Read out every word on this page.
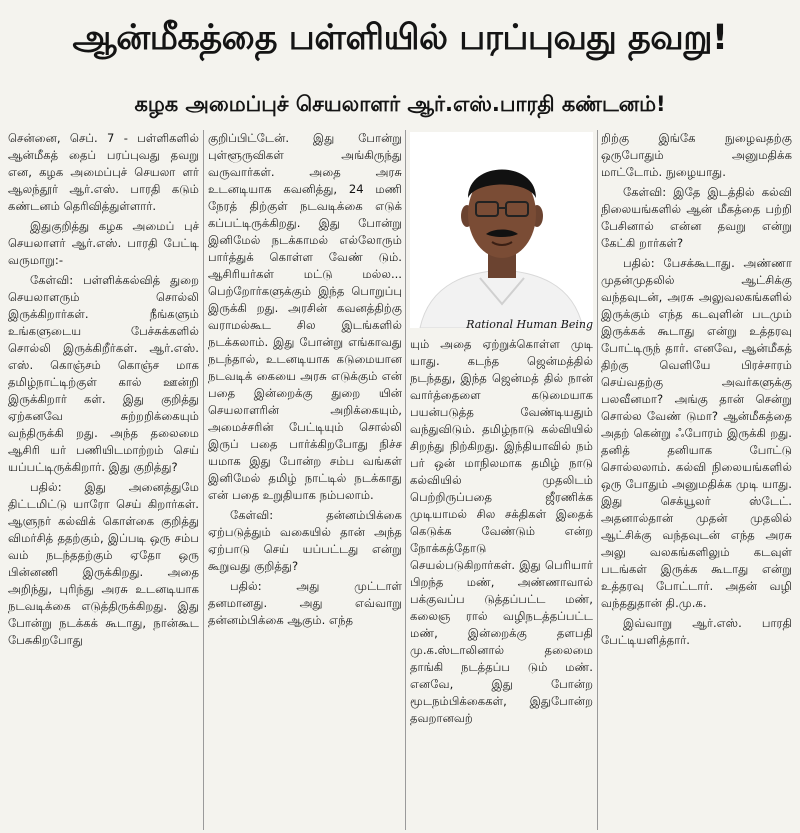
ஆன்மீகத்தை பள்ளியில் பரப்புவது தவறு!
கழக அமைப்புச் செயலாளர் ஆர்.எஸ்.பாரதி கண்டனம்!

சென்னை, செப். 7 - பள்ளிகளில் ஆன்மீகத் தைப் பரப்புவது தவறு என, கழக அமைப்புச் செயலா ளர் ஆலந்தூர் ஆர்.எஸ். பாரதி கடும் கண்டனம் தெரிவித்துள்ளார்.

இதுகுறித்து கழக அமைப் புச் செயலாளர் ஆர்.எஸ். பாரதி பேட்டி வருமாறு:-

கேள்வி: பள்ளிக்கல்வித் துறை செயலாளரும் சொல்லி இருக்கிறார்கள். நீங்களும் உங்களுடைய பேச்சுக்களில் சொல்லி இருக்கிறீர்கள். ஆர்.எஸ். எஸ். கொஞ்சம் கொஞ்ச மாக தமிழ்நாட்டிற்குள் கால் ஊன்றி இருக்கிறார் கள். இது குறித்து ஏற்கனவே சுற்றறிக்கையும் வந்திருக்கி றது. அந்த தலைமை ஆசிரி யர் பணியிடமாற்றம் செய் யப்பட்டிருக்கிறார். இது குறித்து?

பதில்: இது அனைத்துமே திட்டமிட்டு யாரோ செய் கிறார்கள். ஆளுநர் கல்விக் கொள்கை குறித்து விமர்சித் ததற்கும், இப்படி ஒரு சம்ப வம் நடந்ததற்கும் ஏதோ ஒரு பின்னணி இருக்கிறது. அதை அறிந்து, புரிந்து அரசு உடனடியாக நடவடிக்கை எடுத்திருக்கிறது. இது போன்று நடக்கக் கூடாது, நான்கூட பேசுகிறபோது

குறிப்பிட்டேன். இது போன்று புள்ளூருவிகள் அங்கிருந்து வருவார்கள். அதை அரசு உடனடியாக கவனித்து, 24 மணி நேரத் திற்குள் நடவடிக்கை எடுக் கப்பட்டிருக்கிறது. இது போன்று இனிமேல் நடக்காமல் எல்லோரும் பார்த்துக் கொள்ள வேண் டும். ஆசிரியர்கள் மட்டு மல்ல... பெற்றோர்களுக்கும் இந்த பொறுப்பு இருக்கி றது. அரசின் கவனத்திற்கு வராமல்கூட சில இடங்களில் நடக்கலாம். இது போன்று எங்காவது நடந்தால், உடனடியாக கடுமையான நடவடிக் கையை அரசு எடுக்கும் என் பதை இன்றைக்கு துறை யின் செயலாளரின் அறிக்கையும், அமைச்சரின் பேட்டியும் சொல்லி இருப் பதை பார்க்கிறபோது நிச்ச யமாக இது போன்ற சம்ப வங்கள் இனிமேல் தமிழ் நாட்டில் நடக்காது என் பதை உறுதியாக நம்பலாம்.

கேள்வி: தன்னம்பிக்கை ஏற்படுத்தும் வகையில் தான் அந்த ஏற்பாடு செய் யப்பட்டது என்று கூறுவது குறித்து?

பதில்: அது முட்டாள் தனமானது. அது எவ்வாறு தன்னம்பிக்கை ஆகும். எந்த

Rational Human Being

யும் அதை ஏற்றுக்கொள்ள முடி யாது. கடந்த ஜென்மத்தில் நடந்தது, இந்த ஜென்மத் தில் நான் வார்த்தைளை கடுமையாக பயன்படுத்த வேண்டியதும் வந்துவிடும். தமிழ்நாடு கல்வியில் சிறந்து நிற்கிறது. இந்தியாவில் நம் பர் ஒன் மாநிலமாக தமிழ் நாடு கல்வியில் முதலிடம் பெற்றிருப்பதை ஜீரணிக்க முடியாமல் சில சக்திகள் இதைக் கெடுக்க வேண்டும் என்ற நோக்கத்தோடு செயல்படுகிறார்கள். இது பெரியார் பிறந்த மண், அண்ணாவால் பக்குவப்ப டுத்தப்பட்ட மண், கலைஞ ரால் வழிநடத்தப்பட்ட மண், இன்றைக்கு தளபதி மு.க.ஸ்டாலினால் தலைமை தாங்கி நடத்தப்ப டும் மண். எனவே, இது போன்ற மூடநம்பிக்கைகள், இதுபோன்ற தவறானவற்

றிற்கு இங்கே நுழைவதற்கு ஒருபோதும் அனுமதிக்க மாட்டோம். நுழையாது.

கேள்வி: இதே இடத்தில் கல்வி நிலையங்களில் ஆன் மீகத்தை பற்றி பேசினால் என்ன தவறு என்று கேட்கி றார்கள்?

பதில்: பேசக்கூடாது. அண்ணா முதன்முதலில் ஆட்சிக்கு வந்தவுடன், அரசு அலுவலகங்களில் இருக்கும் எந்த கடவுளின் படமும் இருக்கக் கூடாது என்று உத்தரவு போட்டிருந் தார். எனவே, ஆன்மீகத் திற்கு வெளியே பிரச்சாரம் செய்வதற்கு அவர்களுக்கு பலவீனமா? அங்கு தான் சென்று சொல்ல வேண் டுமா? ஆன்மீகத்தை அதற் கென்று ஃபோரம் இருக்கி றது. தனித் தனியாக போட்டு சொல்லலாம். கல்வி நிலையங்களில் ஒரு போதும் அனுமதிக்க முடி யாது. இது செக்யூலர் ஸ்டேட். அதனால்தான் முதன் முதலில் ஆட்சிக்கு வந்தவுடன் எந்த அரசு அலு வலகங்களிலும் கடவுள் படங்கள் இருக்க கூடாது என்று உத்தரவு போட்டார். அதன் வழி வந்ததுதான் தி.மு.க.

இவ்வாறு ஆர்.எஸ். பாரதி பேட்டியளித்தார்.
